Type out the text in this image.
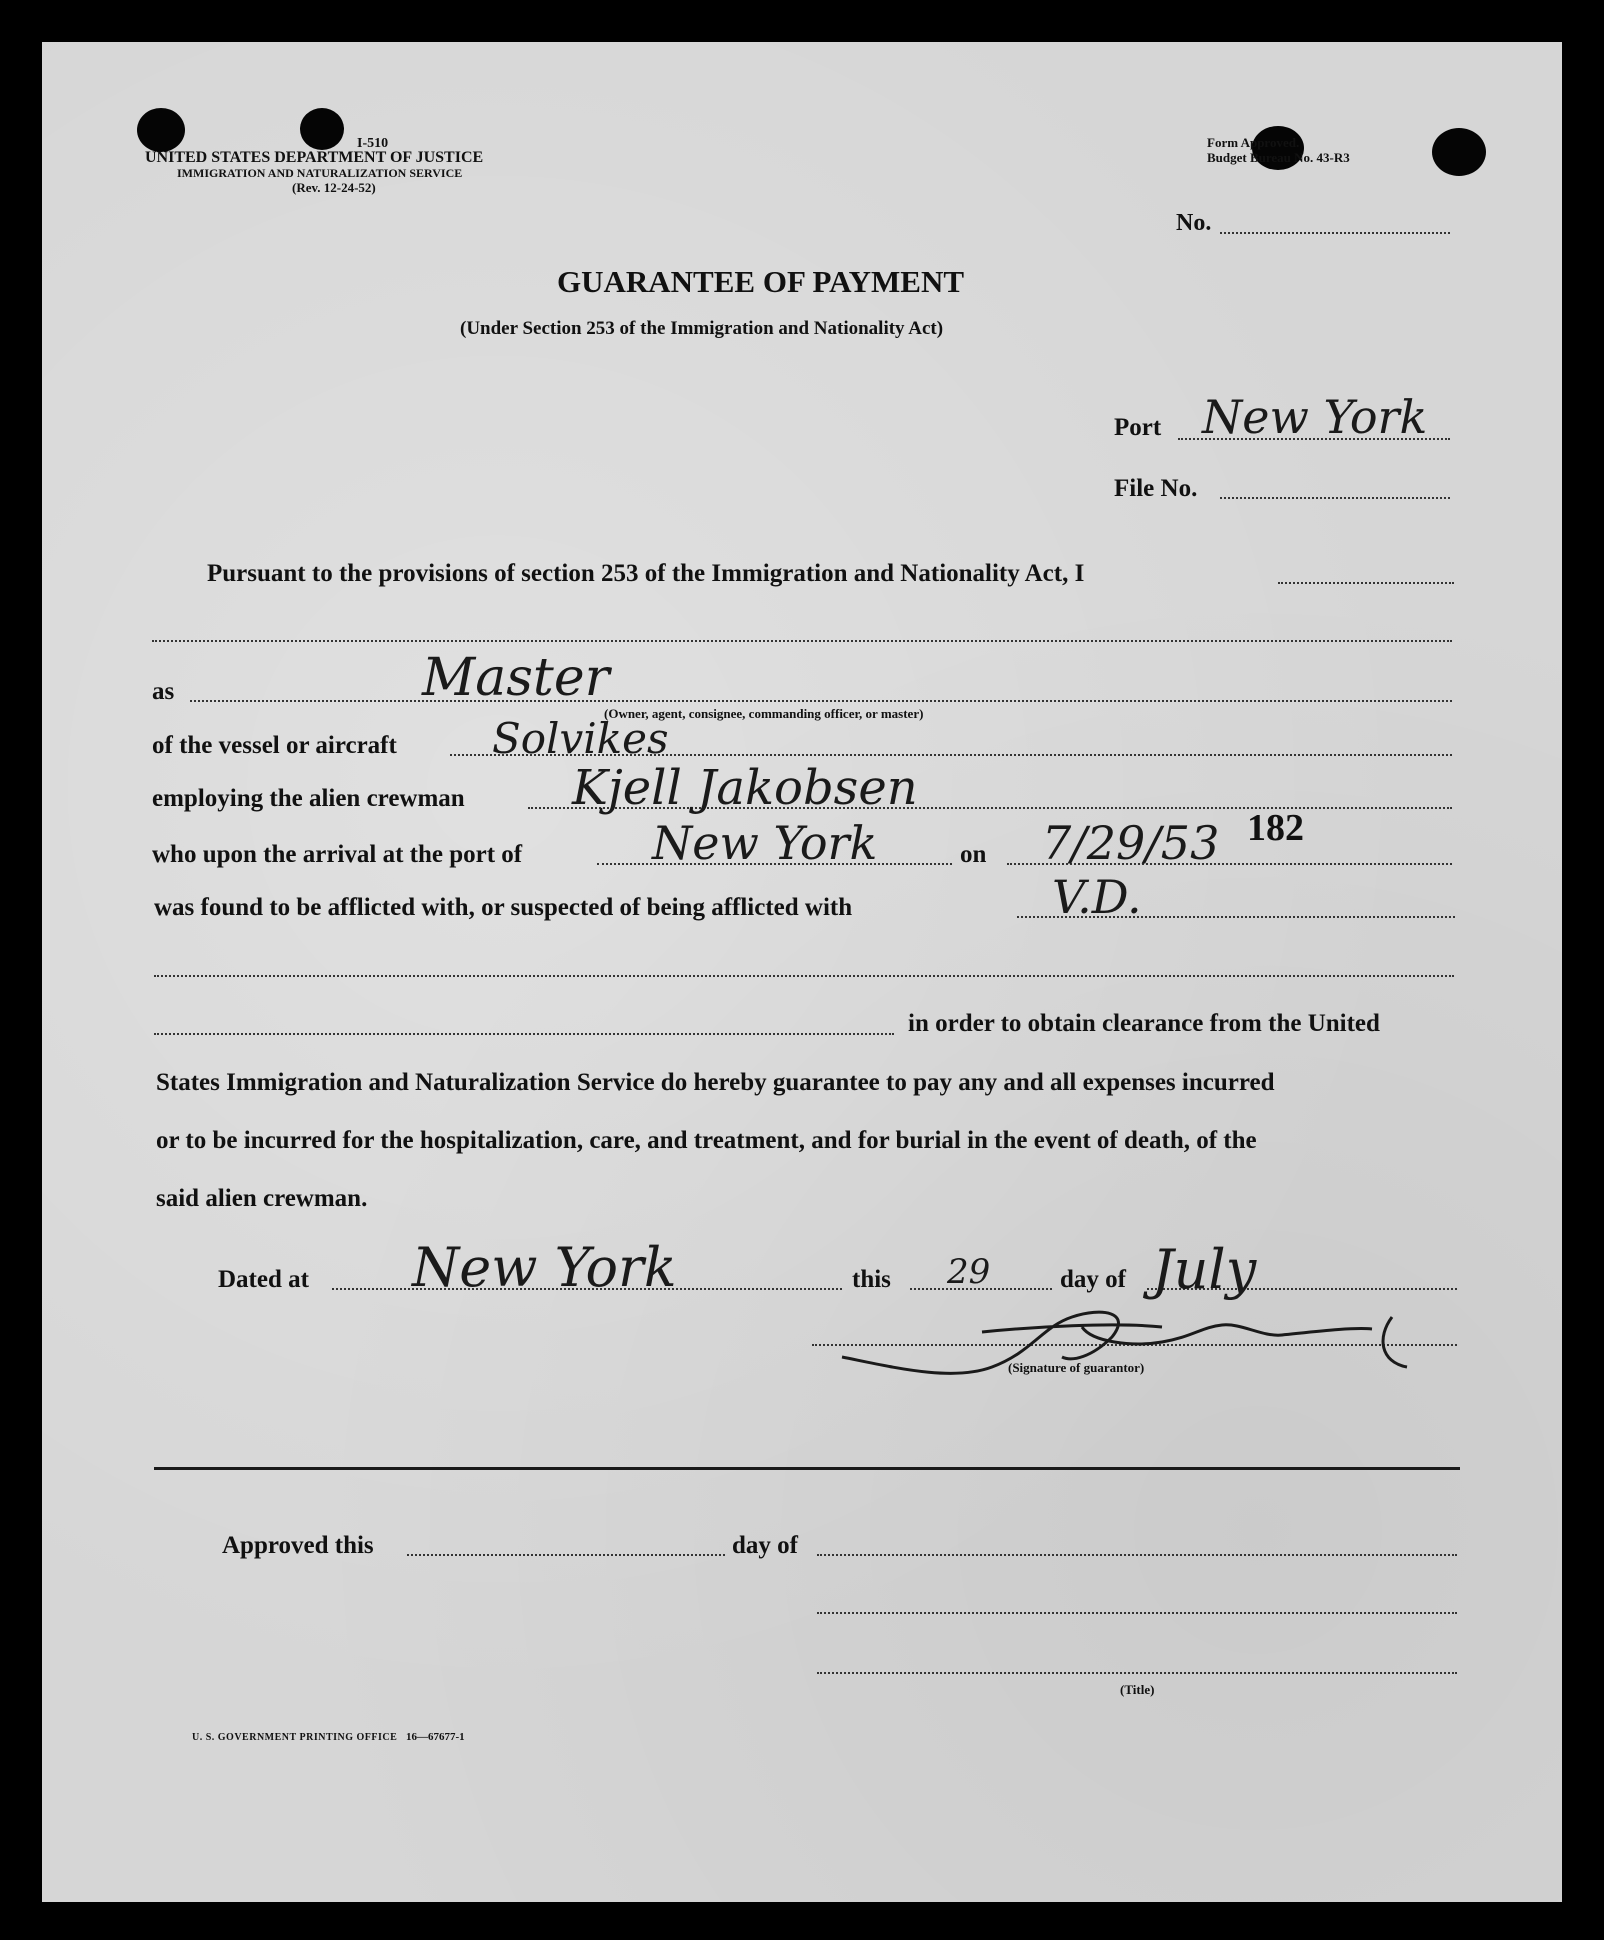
I-510
UNITED STATES DEPARTMENT OF JUSTICE
IMMIGRATION AND NATURALIZATION SERVICE
(Rev. 12-24-52)
Form Approved.
Budget Bureau No. 43-R3
No.
GUARANTEE OF PAYMENT
(Under Section 253 of the Immigration and Nationality Act)
Port New York
File No.
Pursuant to the provisions of section 253 of the Immigration and Nationality Act, I
as	Master
(Owner, agent, consignee, commanding officer, or master)
of the vessel or aircraft Solvikes
employing the alien crewman Kjell Jakobsen
182
who upon the arrival at the port of	New York	on 7/29/53
was found to be afflicted with, or suspected of being afflicted with	V.D.
in order to obtain clearance from the United
States Immigration and Naturalization Service do hereby guarantee to pay any and all expenses incurred
or to be incurred for the hospitalization, care, and treatment, and for burial in the event of death, of the
said alien crewman.
Dated at New York	this 29	day of July
(Signature of guarantor)
Approved this	day of
(Title)
U. S. GOVERNMENT PRINTING OFFICE 16—67677-1
